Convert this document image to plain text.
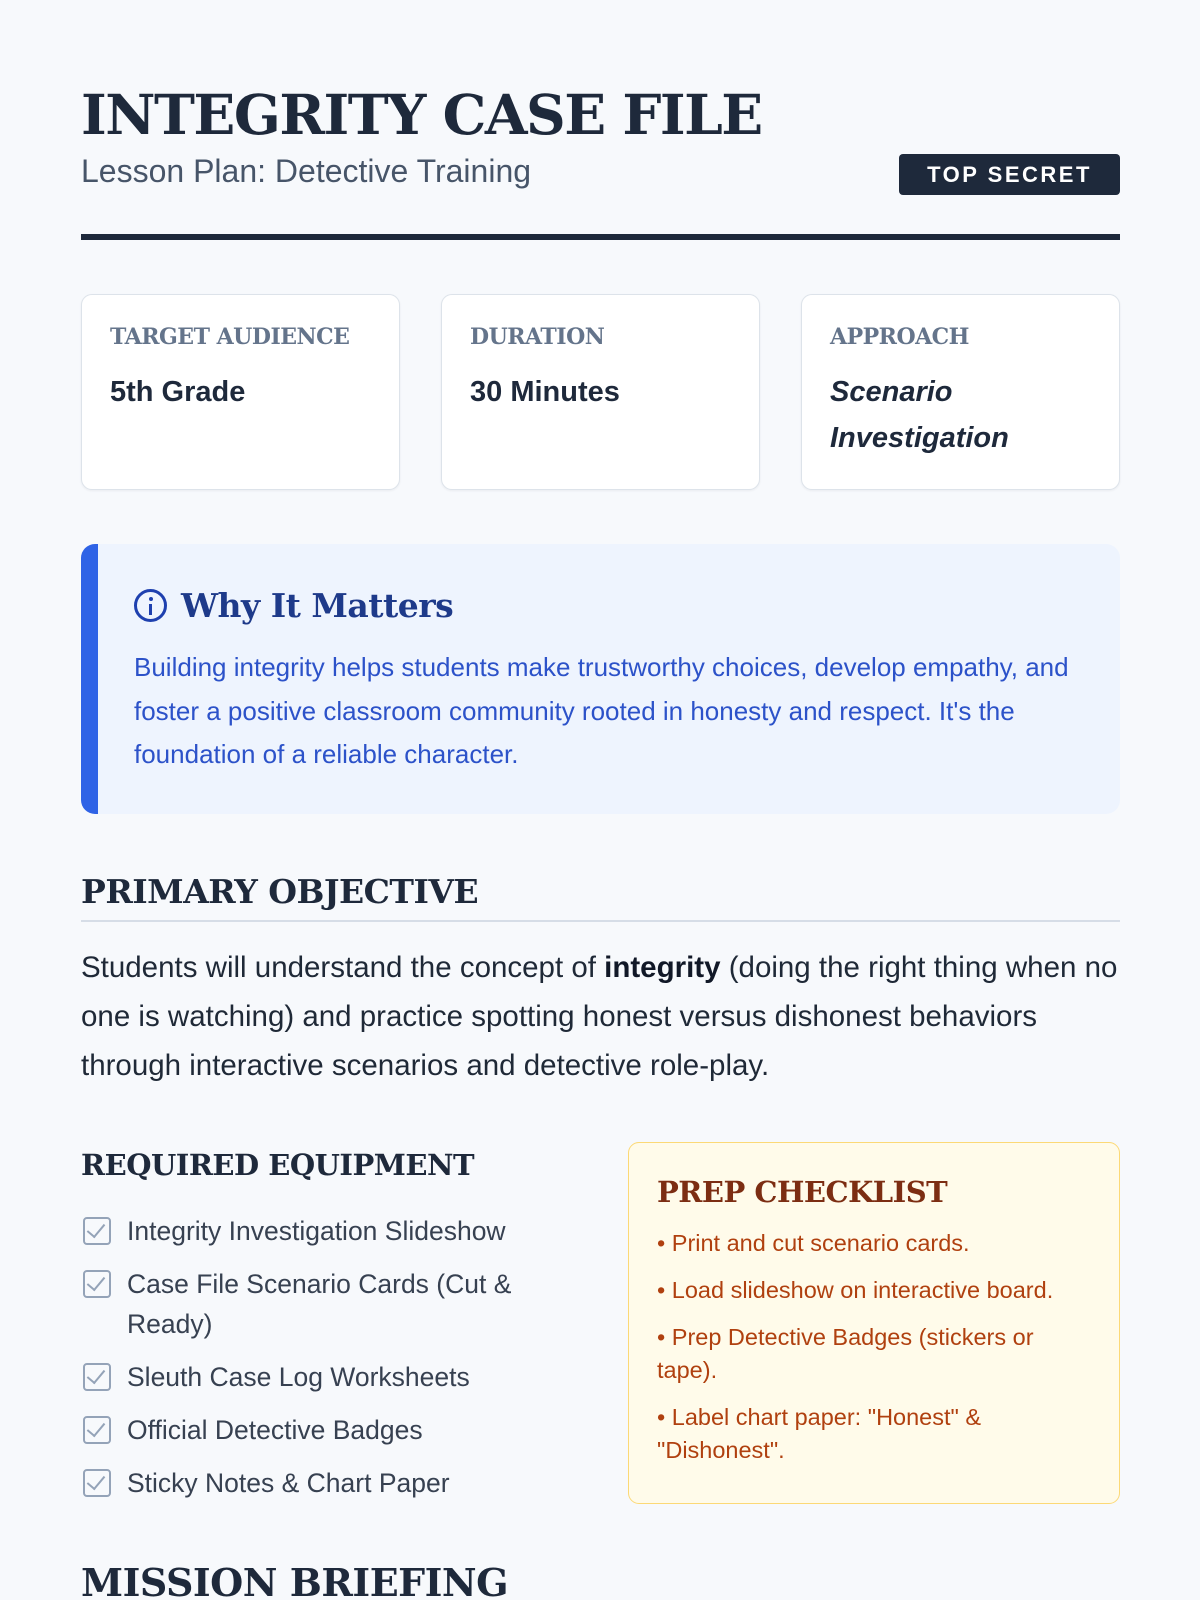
INTEGRITY CASE FILE
Lesson Plan: Detective Training	TOP SECRET
TARGET AUDIENCE
5th Grade
DURATION
30 Minutes
APPROACH
Scenario Investigation
Why It Matters

Building integrity helps students make trustworthy choices, develop empathy, and foster a positive classroom community rooted in honesty and respect. It's the foundation of a reliable character.

PRIMARY OBJECTIVE

Students will understand the concept of integrity (doing the right thing when no one is watching) and practice spotting honest versus dishonest behaviors through interactive scenarios and detective role-play.

REQUIRED EQUIPMENT
Integrity Investigation Slideshow
Case File Scenario Cards (Cut & Ready)
Sleuth Case Log Worksheets
Official Detective Badges
Sticky Notes & Chart Paper
PREP CHECKLIST
• Print and cut scenario cards.
• Load slideshow on interactive board.
• Prep Detective Badges (stickers or tape).
• Label chart paper: "Honest" & "Dishonest".
MISSION BRIEFING
